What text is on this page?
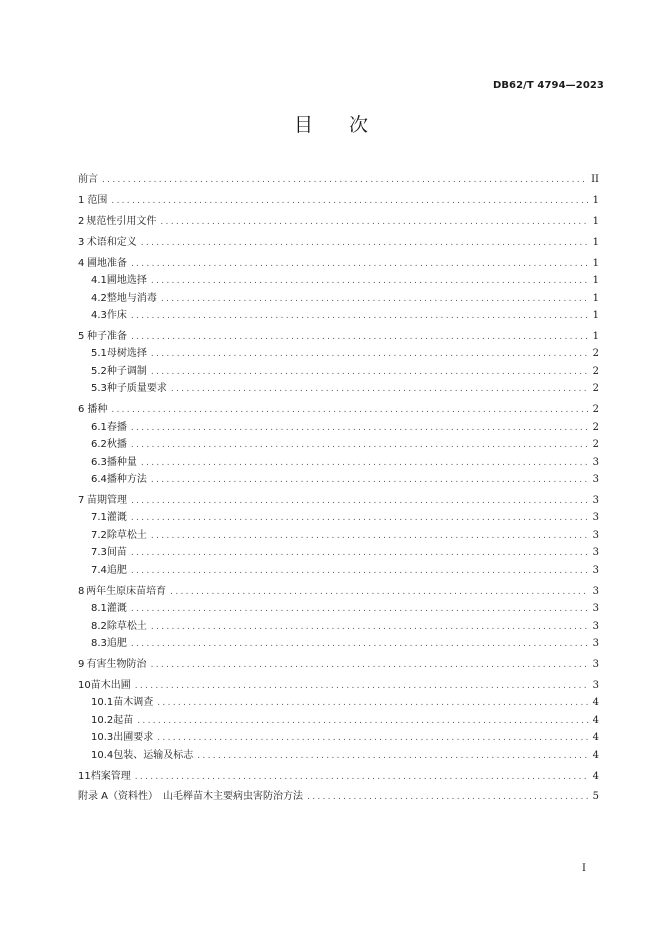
DB62/T 4794—2023
目次
前言 .....	II
1 范围 .....	1
2 规范性引用文件 .....	1
3 术语和定义 .....	1
4 圃地准备 .....	1
4.1 圃地选择 .....	1
4.2 整地与消毒 .....	1
4.3 作床 .....	1
5 种子准备 .....	1
5.1 母树选择 .....	2
5.2 种子调制 .....	2
5.3 种子质量要求 .....	2
6 播种 .....	2
6.1 春播 .....	2
6.2 秋播 .....	2
6.3 播种量 .....	3
6.4 播种方法 .....	3
7 苗期管理 .....	3
7.1 灌溉 .....	3
7.2 除草松土 .....	3
7.3 间苗 .....	3
7.4 追肥 .....	3
8 两年生原床苗培育 .....	3
8.1 灌溉 .....	3
8.2 除草松土 .....	3
8.3 追肥 .....	3
9 有害生物防治 .....	3
10 苗木出圃 .....	3
10.1 苗木调查 .....	4
10.2 起苗 .....	4
10.3 出圃要求 .....	4
10.4 包装、运输及标志 .....	4
11 档案管理 .....	4
附录 A（资料性）　山毛榉苗木主要病虫害防治方法 .....	5
I
